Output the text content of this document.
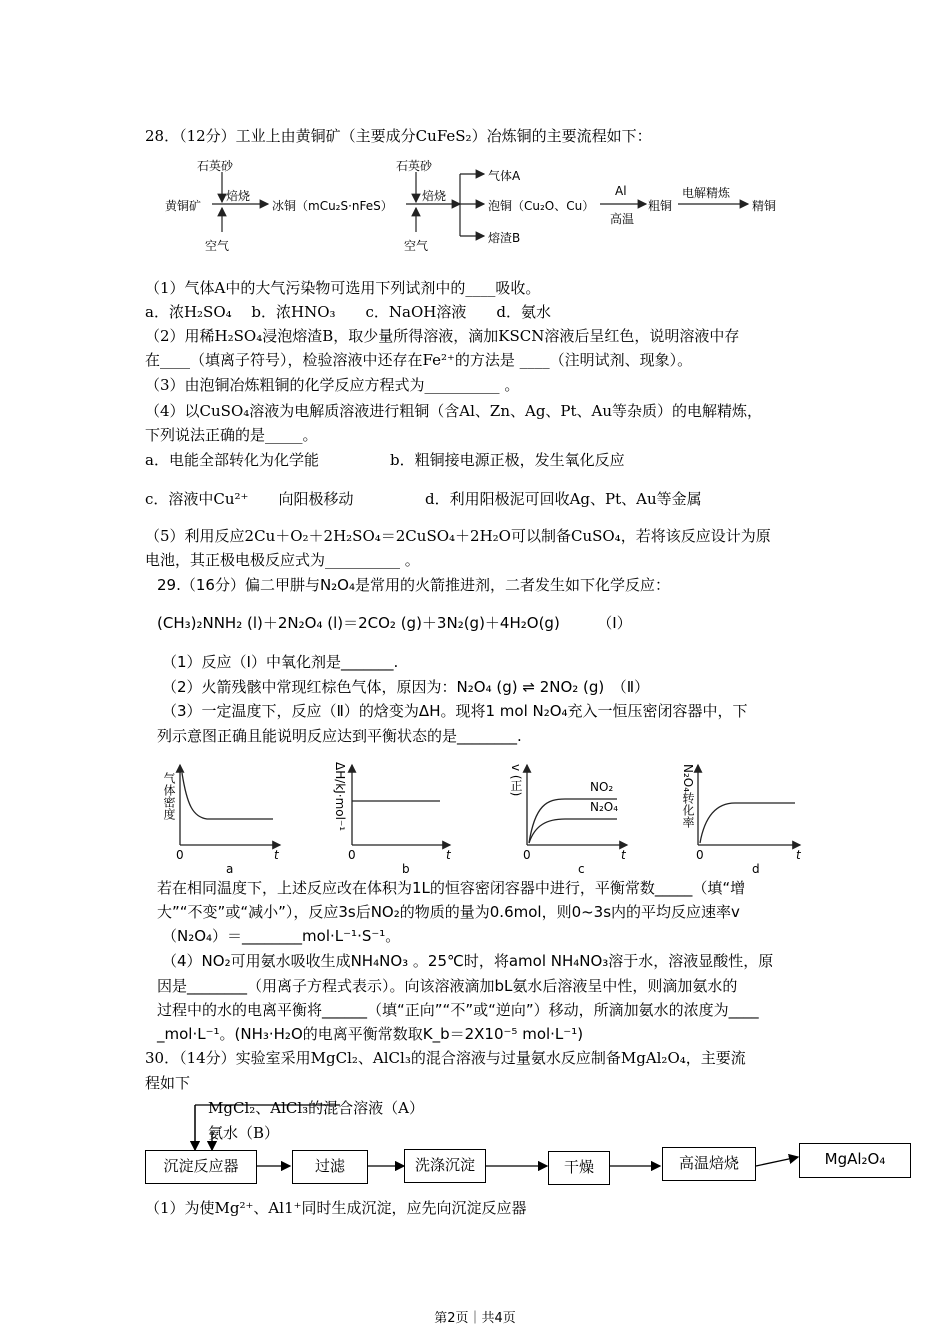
28．（12分）工业上由黄铜矿（主要成分CuFeS₂）冶炼铜的主要流程如下：
石英砂
黄铜矿
焙烧
空气
冰铜（mCu₂S·nFeS）
石英砂
焙烧
空气
气体A
泡铜（Cu₂O、Cu）
熔渣B
Al
高温
粗铜
电解精炼
精铜
（1）气体A中的大气污染物可选用下列试剂中的____吸收。
a．浓H₂SO₄　 b．浓HNO₃　　c．NaOH溶液　　d．氨水
（2）用稀H₂SO₄浸泡熔渣B，取少量所得溶液，滴加KSCN溶液后呈红色，说明溶液中存
在____（填离子符号），检验溶液中还存在Fe²⁺的方法是 ____（注明试剂、现象）。
（3）由泡铜冶炼粗铜的化学反应方程式为__________ 。
（4）以CuSO₄溶液为电解质溶液进行粗铜（含Al、Zn、Ag、Pt、Au等杂质）的电解精炼，
下列说法正确的是_____。
a．电能全部转化为化学能	b．粗铜接电源正极，发生氧化反应
c．溶液中Cu²⁺　　向阳极移动	d．利用阳极泥可回收Ag、Pt、Au等金属
（5）利用反应2Cu＋O₂＋2H₂SO₄＝2CuSO₄＋2H₂O可以制备CuSO₄，若将该反应设计为原
电池，其正极电极反应式为__________ 。
29.（16分）偏二甲肼与N₂O₄是常用的火箭推进剂，二者发生如下化学反应：
(CH₃)₂NNH₂ (l)＋2N₂O₄ (l)＝2CO₂ (g)＋3N₂(g)＋4H₂O(g)　　　（Ⅰ）
（1）反应（Ⅰ）中氧化剂是_______.
（2）火箭残骸中常现红棕色气体，原因为：N₂O₄ (g) ⇌ 2NO₂ (g)　（Ⅱ）
（3）一定温度下，反应（Ⅱ）的焓变为ΔH。现将1 mol N₂O₄充入一恒压密闭容器中，下
列示意图正确且能说明反应达到平衡状态的是________.
气体密度	ΔH/kJ·mol⁻¹	v (正)	N₂O₄转化率
NO₂
N₂O₄
0	t	0	t	0	t	0	t
a	b	c	d
若在相同温度下，上述反应改在体积为1L的恒容密闭容器中进行，平衡常数_____（填“增
大”“不变”或“减小”），反应3s后NO₂的物质的量为0.6mol，则0~3s内的平均反应速率v
（N₂O₄）＝________mol·L⁻¹·S⁻¹。
（4）NO₂可用氨水吸收生成NH₄NO₃ 。25℃时，将amol NH₄NO₃溶于水，溶液显酸性，原
因是________（用离子方程式表示）。向该溶液滴加bL氨水后溶液呈中性，则滴加氨水的
过程中的水的电离平衡将______（填“正向”“不”或“逆向”）移动，所滴加氨水的浓度为____
_mol·L⁻¹。(NH₃·H₂O的电离平衡常数取K_b＝2X10⁻⁵ mol·L⁻¹)
30．（14分）实验室采用MgCl₂、AlCl₃的混合溶液与过量氨水反应制备MgAl₂O₄，主要流
程如下
MgCl₂、AlCl₃的混合溶液（A）
氨水（B）
沉淀反应器	过滤	洗涤沉淀	干燥	高温焙烧	MgAl₂O₄
（1）为使Mg²⁺、Al1⁺同时生成沉淀，应先向沉淀反应器
第2页｜共4页
